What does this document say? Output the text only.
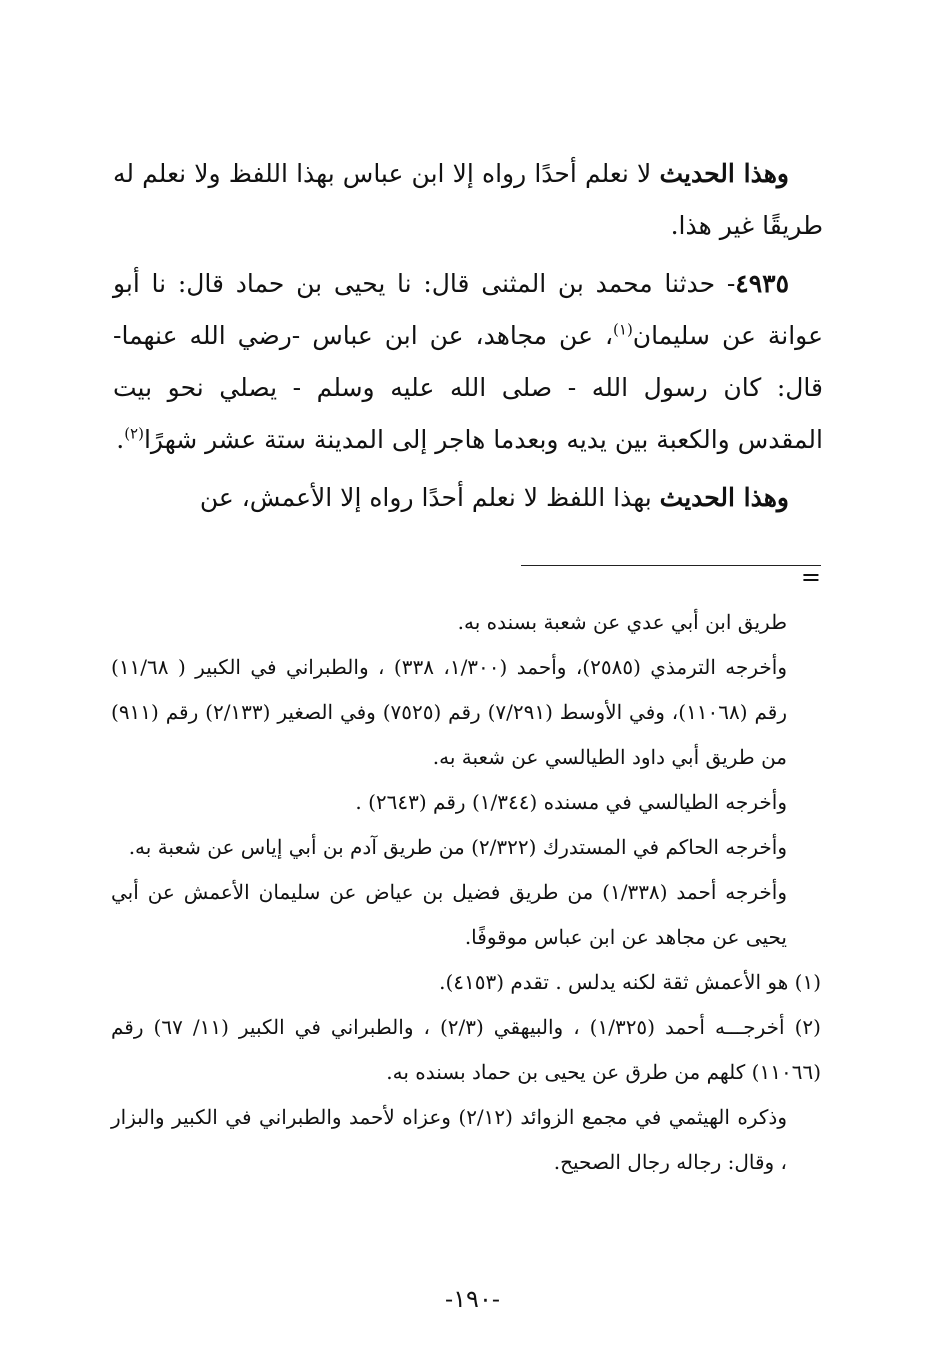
وهذا الحديث لا نعلم أحدًا رواه إلا ابن عباس بهذا اللفظ ولا نعلم له طريقًا غير هذا.

٤٩٣٥- حدثنا محمد بن المثنى قال: نا يحيى بن حماد قال: نا أبو عوانة عن سليمان$^{(١)}$، عن مجاهد، عن ابن عباس -رضي الله عنهما- قال: كان رسول الله - صلى الله عليه وسلم - يصلي نحو بيت المقدس والكعبة بين يديه وبعدما هاجر إلى المدينة ستة عشر شهرًا$^{(٢)}$.

وهذا الحديث بهذا اللفظ لا نعلم أحدًا رواه إلا الأعمش، عن

=

طريق ابن أبي عدي عن شعبة بسنده به.

وأخرجه الترمذي (٢٥٨٥)، وأحمد (١/٣٠٠، ٣٣٨) ، والطبراني في الكبير ( ١١/٦٨) رقم (١١٠٦٨)، وفي الأوسط (٧/٢٩١) رقم (٧٥٢٥) وفي الصغير (٢/١٣٣) رقم (٩١١) من طريق أبي داود الطيالسي عن شعبة به.

وأخرجه الطيالسي في مسنده (١/٣٤٤) رقم (٢٦٤٣) .

وأخرجه الحاكم في المستدرك (٢/٣٢٢) من طريق آدم بن أبي إياس عن شعبة به.

وأخرجه أحمد (١/٣٣٨) من طريق فضيل بن عياض عن سليمان الأعمش عن أبي يحيى عن مجاهد عن ابن عباس موقوفًا.

(١) هو الأعمش ثقة لكنه يدلس . تقدم (٤١٥٣).

(٢) أخرجـــه أحمد (١/٣٢٥) ، والبيهقي (٢/٣) ، والطبراني في الكبير (١١/ ٦٧) رقم (١١٠٦٦) كلهم من طرق عن يحيى بن حماد بسنده به.

وذكره الهيثمي في مجمع الزوائد (٢/١٢) وعزاه لأحمد والطبراني في الكبير والبزار ، وقال: رجاله رجال الصحيح.

-١٩٠-
